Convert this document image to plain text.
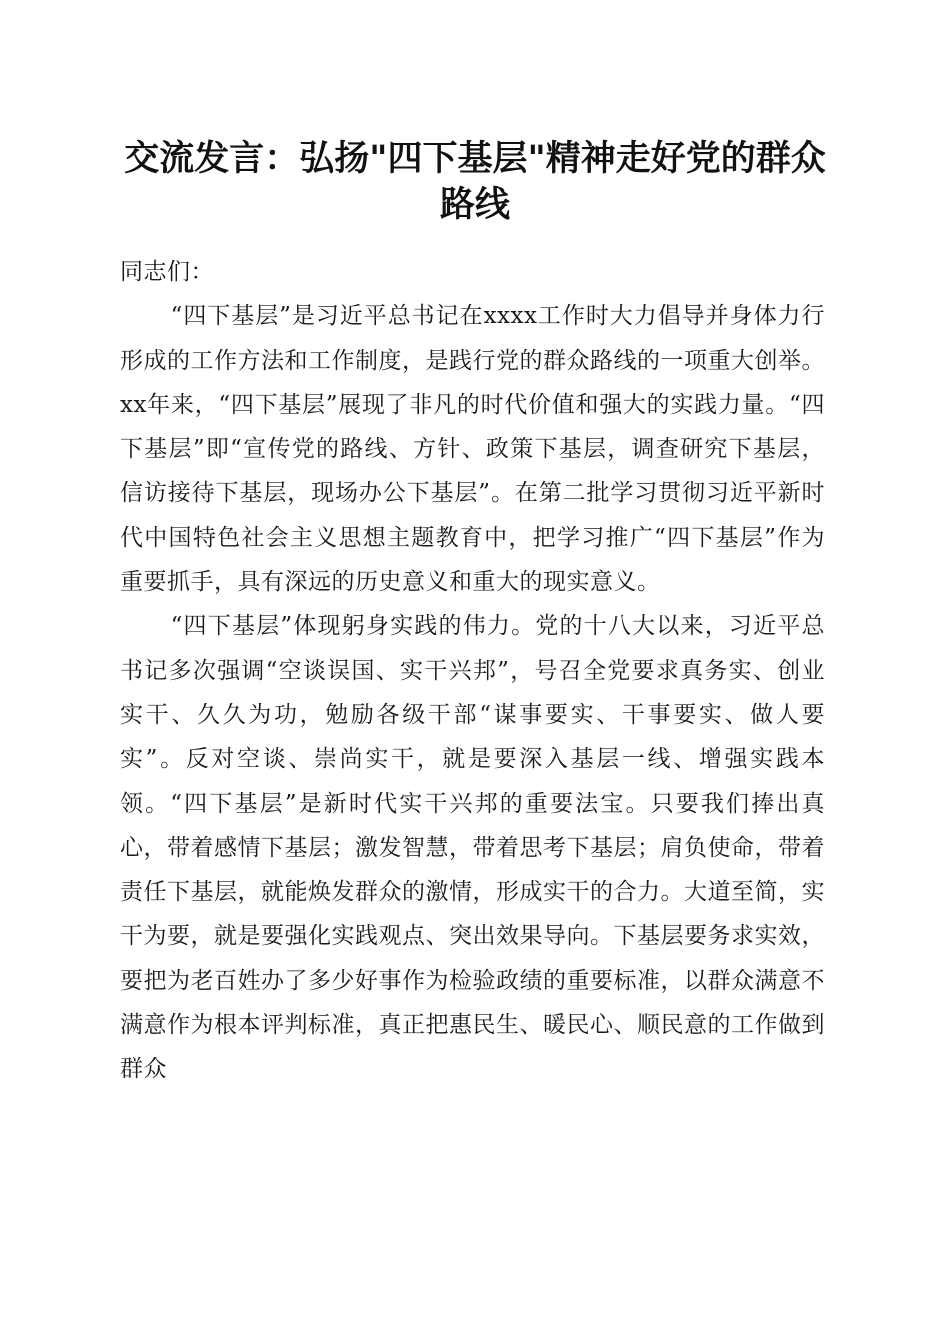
交流发言：弘扬"四下基层"精神走好党的群众路线

同志们：

“四下基层”是习近平总书记在xxxx工作时大力倡导并身体力行形成的工作方法和工作制度，是践行党的群众路线的一项重大创举。xx年来，“四下基层”展现了非凡的时代价值和强大的实践力量。“四下基层”即“宣传党的路线、方针、政策下基层，调查研究下基层，信访接待下基层，现场办公下基层”。在第二批学习贯彻习近平新时代中国特色社会主义思想主题教育中，把学习推广“四下基层”作为重要抓手，具有深远的历史意义和重大的现实意义。

“四下基层”体现躬身实践的伟力。党的十八大以来，习近平总书记多次强调“空谈误国、实干兴邦”，号召全党要求真务实、创业实干、久久为功，勉励各级干部“谋事要实、干事要实、做人要实”。反对空谈、崇尚实干，就是要深入基层一线、增强实践本领。“四下基层”是新时代实干兴邦的重要法宝。只要我们捧出真心，带着感情下基层；激发智慧，带着思考下基层；肩负使命，带着责任下基层，就能焕发群众的激情，形成实干的合力。大道至简，实干为要，就是要强化实践观点、突出效果导向。下基层要务求实效，要把为老百姓办了多少好事作为检验政绩的重要标准，以群众满意不满意作为根本评判标准，真正把惠民生、暖民心、顺民意的工作做到群众
